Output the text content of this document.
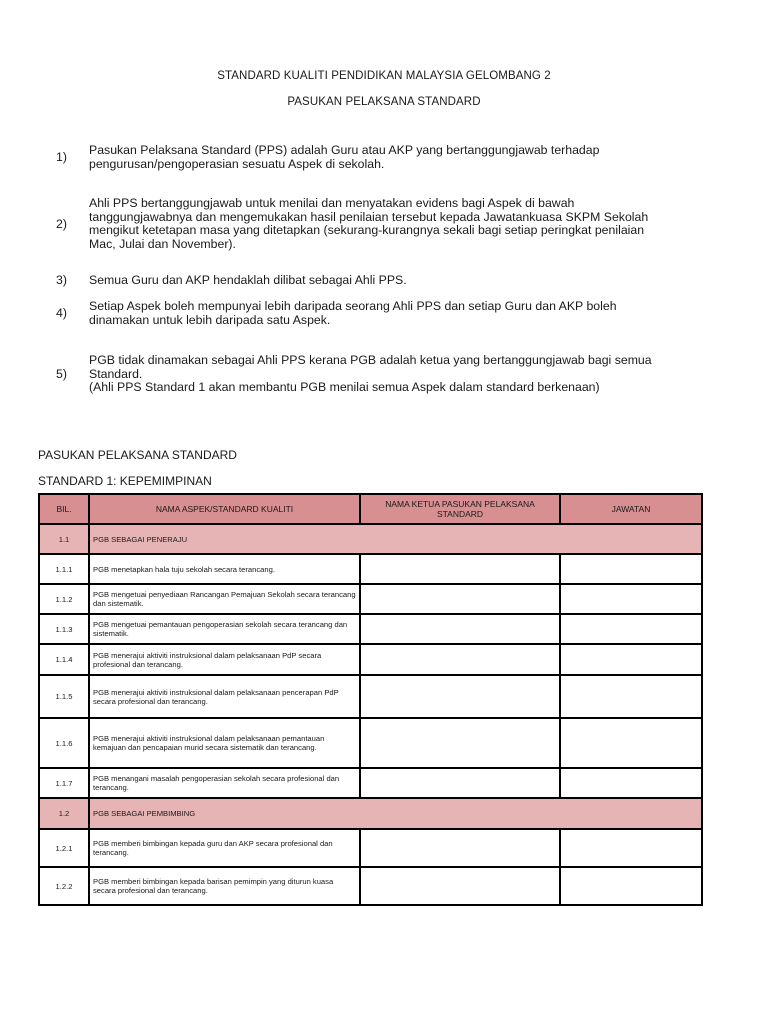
STANDARD KUALITI PENDIDIKAN MALAYSIA GELOMBANG 2
PASUKAN PELAKSANA STANDARD
1) Pasukan Pelaksana Standard (PPS) adalah Guru atau AKP yang bertanggungjawab terhadap
pengurusan/pengoperasian sesuatu Aspek di sekolah.
2)
Ahli PPS bertanggungjawab untuk menilai dan menyatakan evidens bagi Aspek di bawah
tanggungjawabnya dan mengemukakan hasil penilaian tersebut kepada Jawatankuasa SKPM Sekolah
mengikut ketetapan masa yang ditetapkan (sekurang-kurangnya sekali bagi setiap peringkat penilaian
Mac, Julai dan November).
3) Semua Guru dan AKP hendaklah dilibat sebagai Ahli PPS.
4) Setiap Aspek boleh mempunyai lebih daripada seorang Ahli PPS dan setiap Guru dan AKP boleh
dinamakan untuk lebih daripada satu Aspek.
5)
PGB tidak dinamakan sebagai Ahli PPS kerana PGB adalah ketua yang bertanggungjawab bagi semua
Standard.
(Ahli PPS Standard 1 akan membantu PGB menilai semua Aspek dalam standard berkenaan)
PASUKAN PELAKSANA STANDARD
STANDARD 1: KEPEMIMPINAN
BIL.	NAMA ASPEK/STANDARD KUALITI	NAMA KETUA PASUKAN PELAKSANA STANDARD	JAWATAN
1.1	PGB SEBAGAI PENERAJU		
1.1.1	PGB menetapkan hala tuju sekolah secara terancang.		
1.1.2	PGB mengetuai penyediaan Rancangan Pemajuan Sekolah secara terancang dan sistematik.		
1.1.3	PGB mengetuai pemantauan pengoperasian sekolah secara terancang dan sistematik.		
1.1.4	PGB menerajui aktiviti instruksional dalam pelaksanaan PdP secara profesional dan terancang.		
1.1.5	PGB menerajui aktiviti instruksional dalam pelaksanaan pencerapan PdP secara profesional dan terancang.		
1.1.6	PGB menerajui aktiviti instruksional dalam pelaksanaan pemantauan kemajuan dan pencapaian murid secara sistematik dan terancang.		
1.1.7	PGB menangani masalah pengoperasian sekolah secara profesional dan terancang.		
1.2	PGB SEBAGAI PEMBIMBING		
1.2.1	PGB memberi bimbingan kepada guru dan AKP secara profesional dan terancang.		
1.2.2	PGB memberi bimbingan kepada barisan pemimpin yang diturun kuasa secara profesional dan terancang.		
